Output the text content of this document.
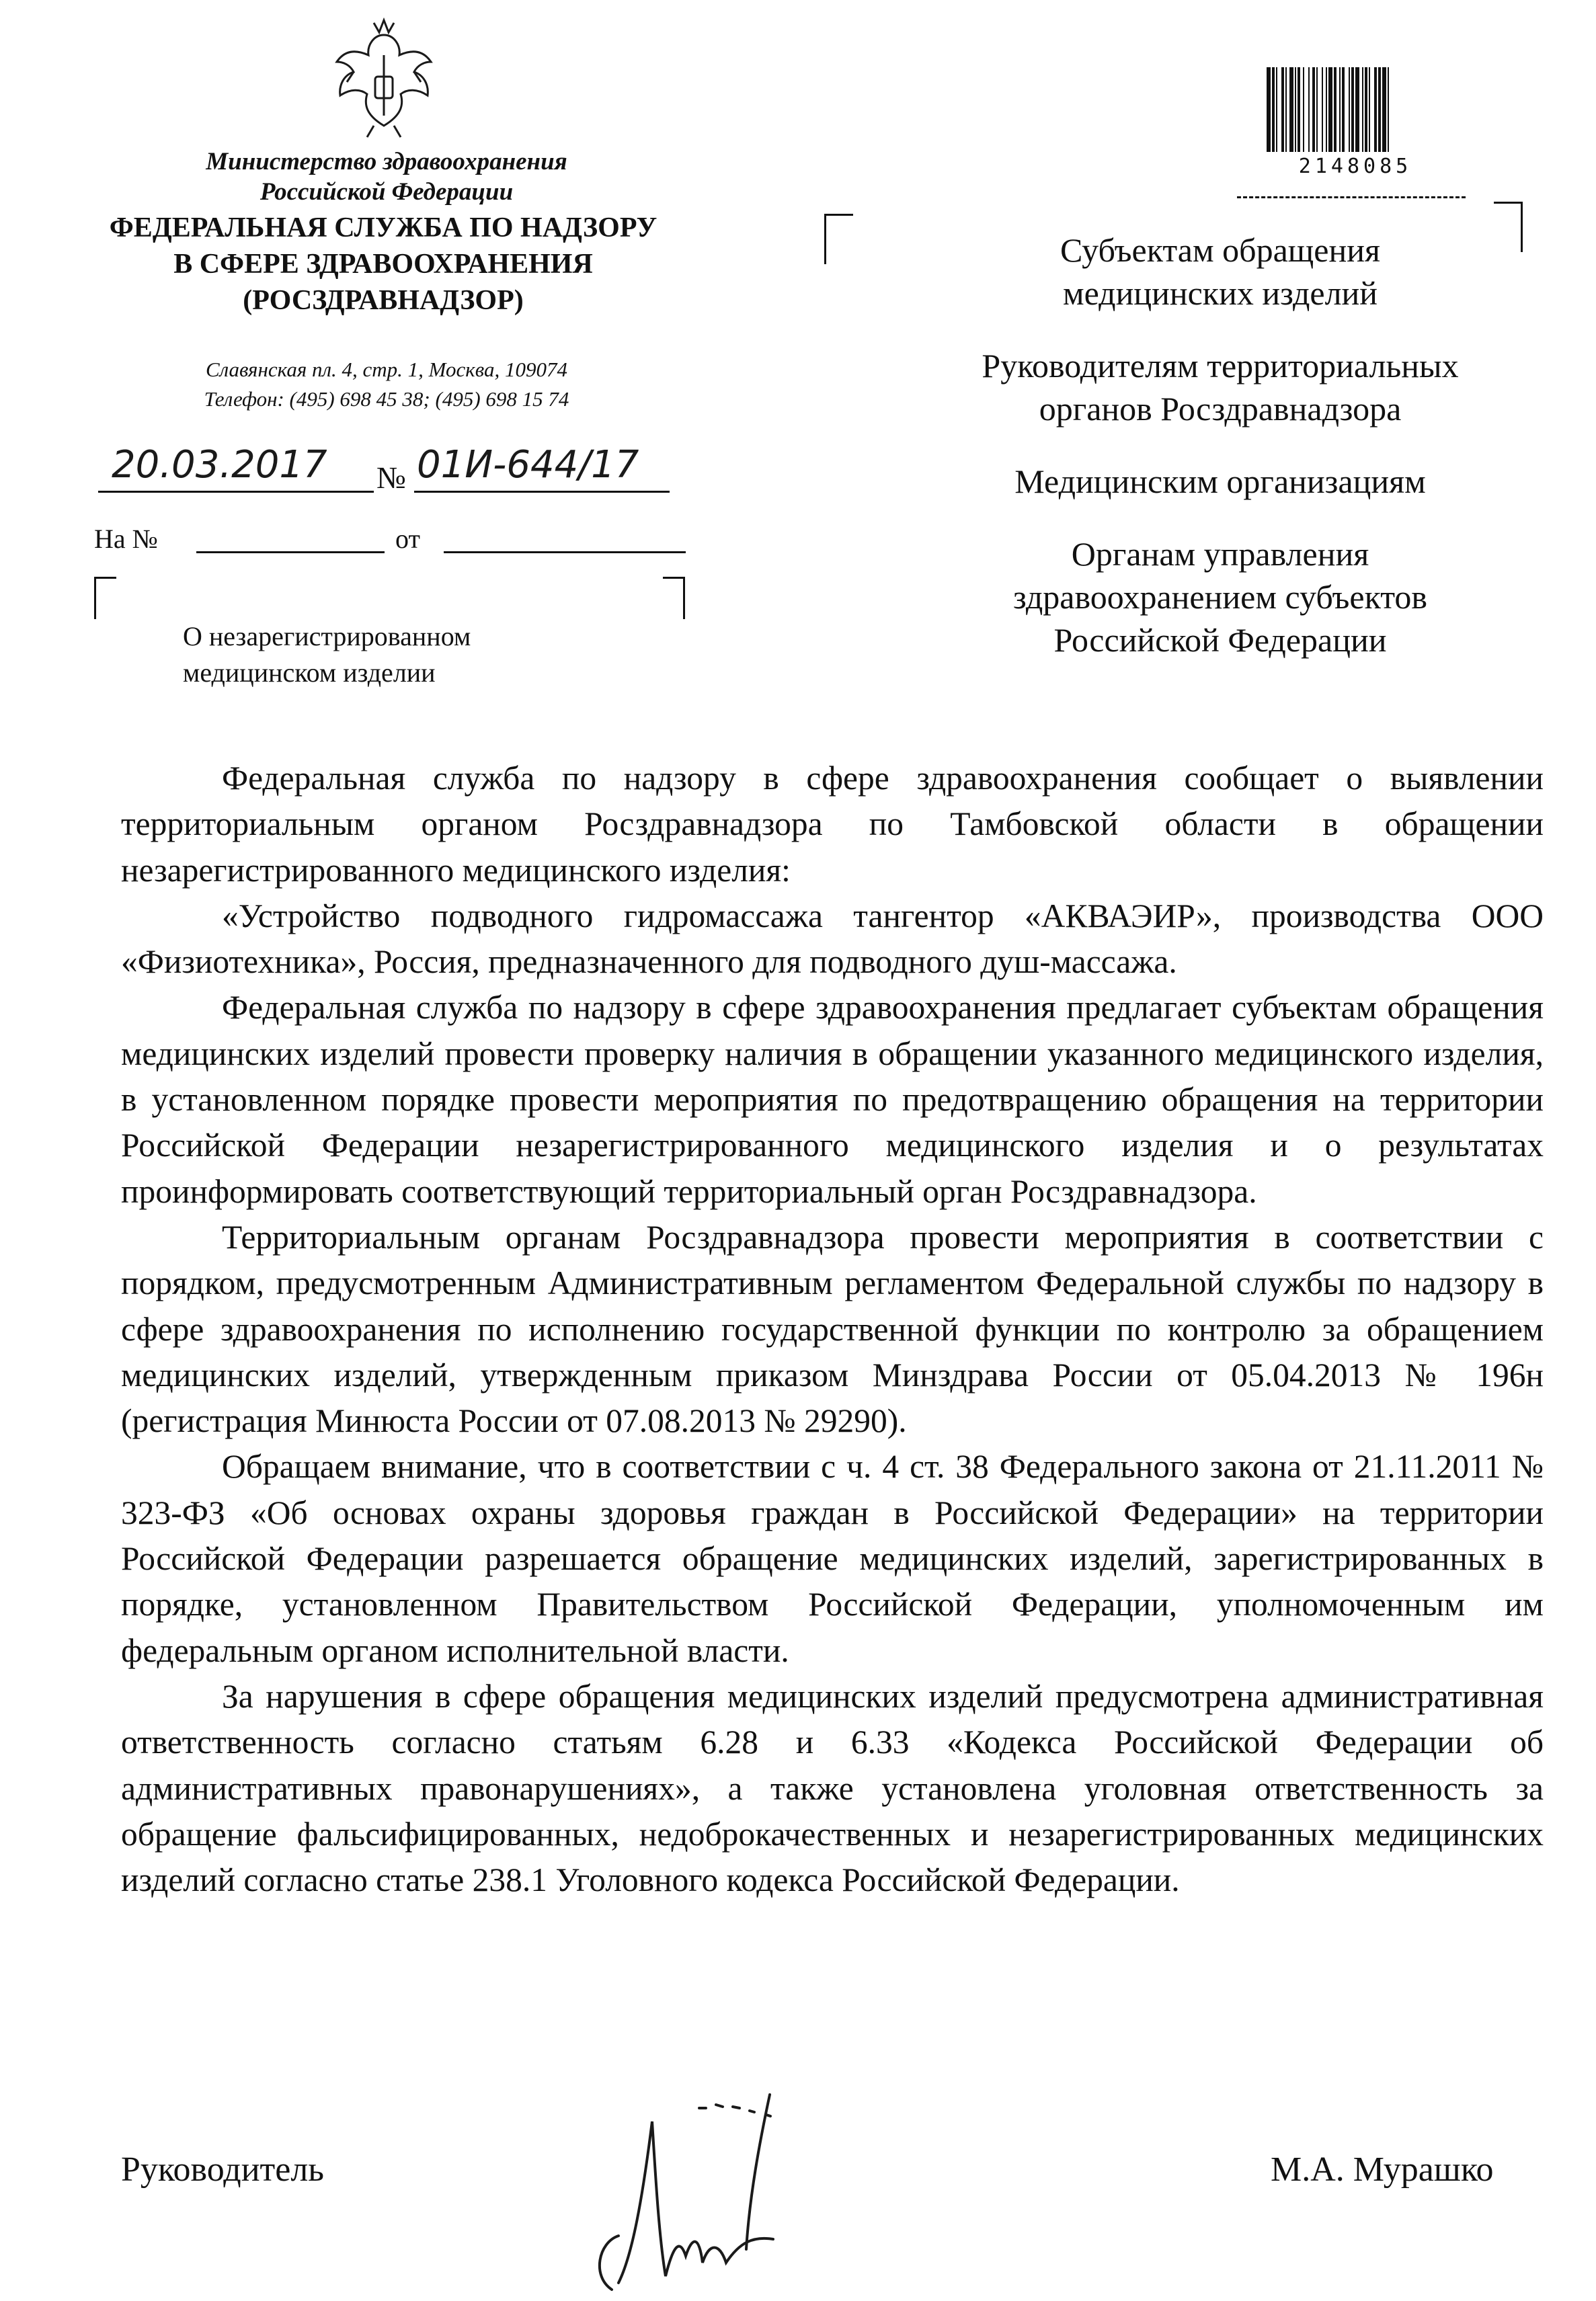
Министерство здравоохранения
Российской Федерации
ФЕДЕРАЛЬНАЯ СЛУЖБА ПО НАДЗОРУ
В СФЕРЕ ЗДРАВООХРАНЕНИЯ
(РОСЗДРАВНАДЗОР)
Славянская пл. 4, стр. 1, Москва, 109074
Телефон: (495) 698 45 38; (495) 698 15 74
20.03.2017 № 01И-644/17
На №	от
О незарегистрированном
медицинском изделии
2148085
Субъектам обращения
медицинских изделий
Руководителям территориальных
органов Росздравнадзора
Медицинским организациям
Органам управления
здравоохранением субъектов
Российской Федерации

Федеральная служба по надзору в сфере здравоохранения сообщает о выявлении территориальным органом Росздравнадзора по Тамбовской области в обращении незарегистрированного медицинского изделия:

«Устройство подводного гидромассажа тангентор «АКВАЭИР», производства ООО «Физиотехника», Россия, предназначенного для подводного душ-массажа.

Федеральная служба по надзору в сфере здравоохранения предлагает субъектам обращения медицинских изделий провести проверку наличия в обращении указанного медицинского изделия, в установленном порядке провести мероприятия по предотвращению обращения на территории Российской Федерации незарегистрированного медицинского изделия и о результатах проинформировать соответствующий территориальный орган Росздравнадзора.

Территориальным органам Росздравнадзора провести мероприятия в соответствии с порядком, предусмотренным Административным регламентом Федеральной службы по надзору в сфере здравоохранения по исполнению государственной функции по контролю за обращением медицинских изделий, утвержденным приказом Минздрава России от 05.04.2013 № 196н (регистрация Минюста России от 07.08.2013 № 29290).

Обращаем внимание, что в соответствии с ч. 4 ст. 38 Федерального закона от 21.11.2011 № 323-ФЗ «Об основах охраны здоровья граждан в Российской Федерации» на территории Российской Федерации разрешается обращение медицинских изделий, зарегистрированных в порядке, установленном Правительством Российской Федерации, уполномоченным им федеральным органом исполнительной власти.

За нарушения в сфере обращения медицинских изделий предусмотрена административная ответственность согласно статьям 6.28 и 6.33 «Кодекса Российской Федерации об административных правонарушениях», а также установлена уголовная ответственность за обращение фальсифицированных, недоброкачественных и незарегистрированных медицинских изделий согласно статье 238.1 Уголовного кодекса Российской Федерации.

Руководитель	М.А. Мурашко
